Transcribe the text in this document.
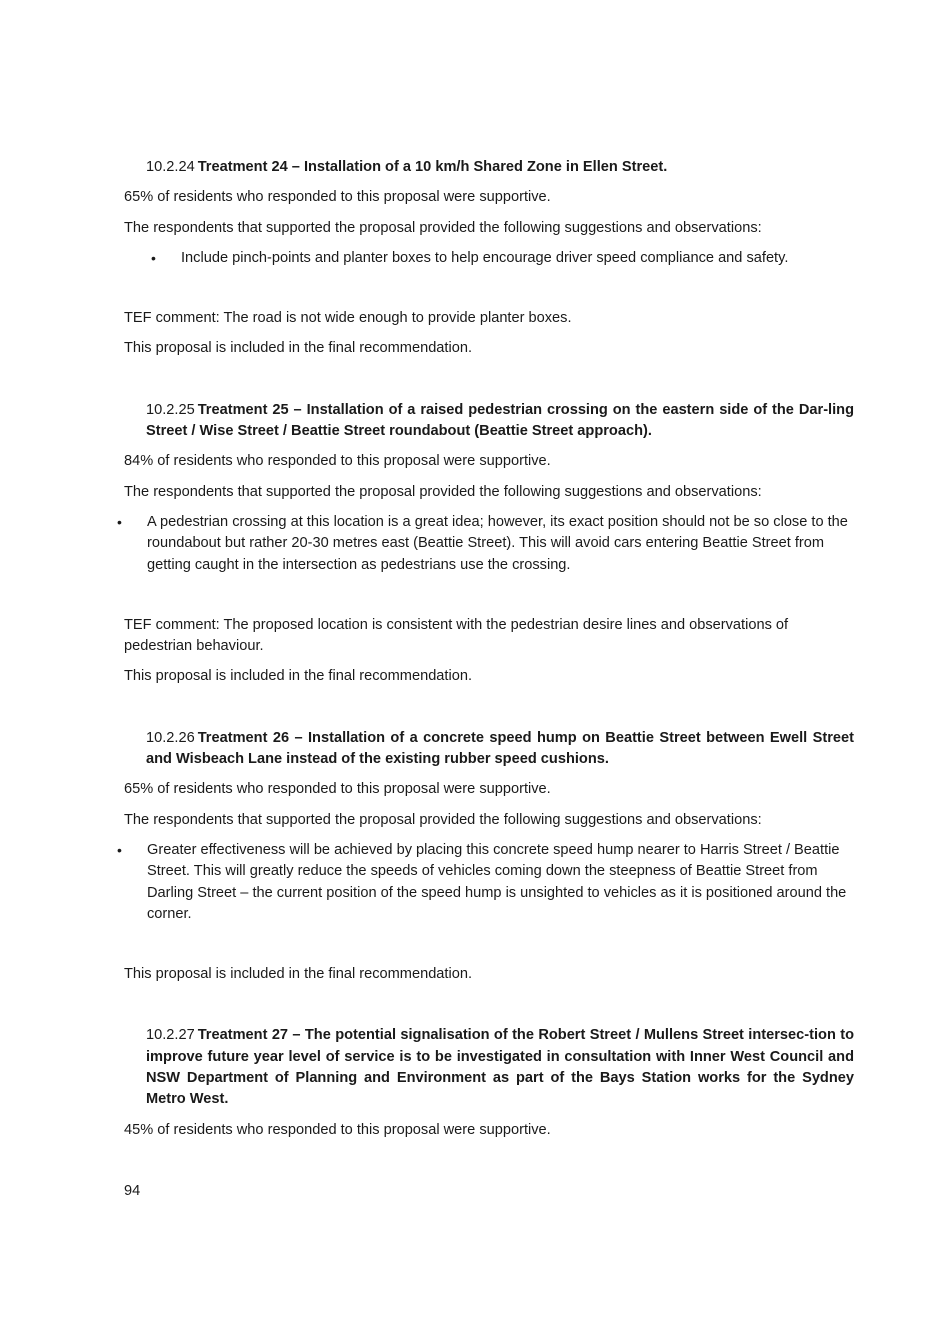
10.2.24 Treatment 24 – Installation of a 10 km/h Shared Zone in Ellen Street.

65% of residents who responded to this proposal were supportive.

The respondents that supported the proposal provided the following suggestions and observations:

• Include pinch-points and planter boxes to help encourage driver speed compliance and safety.

TEF comment: The road is not wide enough to provide planter boxes.

This proposal is included in the final recommendation.

10.2.25 Treatment 25 – Installation of a raised pedestrian crossing on the eastern side of the Dar-ling Street / Wise Street / Beattie Street roundabout (Beattie Street approach).

84% of residents who responded to this proposal were supportive.

The respondents that supported the proposal provided the following suggestions and observations:

• A pedestrian crossing at this location is a great idea; however, its exact position should not be so close to the roundabout but rather 20-30 metres east (Beattie Street). This will avoid cars entering Beattie Street from getting caught in the intersection as pedestrians use the crossing.

TEF comment: The proposed location is consistent with the pedestrian desire lines and observations of pedestrian behaviour.

This proposal is included in the final recommendation.

10.2.26 Treatment 26 – Installation of a concrete speed hump on Beattie Street between Ewell Street and Wisbeach Lane instead of the existing rubber speed cushions.

65% of residents who responded to this proposal were supportive.

The respondents that supported the proposal provided the following suggestions and observations:

• Greater effectiveness will be achieved by placing this concrete speed hump nearer to Harris Street / Beattie Street. This will greatly reduce the speeds of vehicles coming down the steepness of Beattie Street from Darling Street – the current position of the speed hump is unsighted to vehicles as it is positioned around the corner.

This proposal is included in the final recommendation.

10.2.27 Treatment 27 – The potential signalisation of the Robert Street / Mullens Street intersec-tion to improve future year level of service is to be investigated in consultation with Inner West Council and NSW Department of Planning and Environment as part of the Bays Station works for the Sydney Metro West.

45% of residents who responded to this proposal were supportive.

94
